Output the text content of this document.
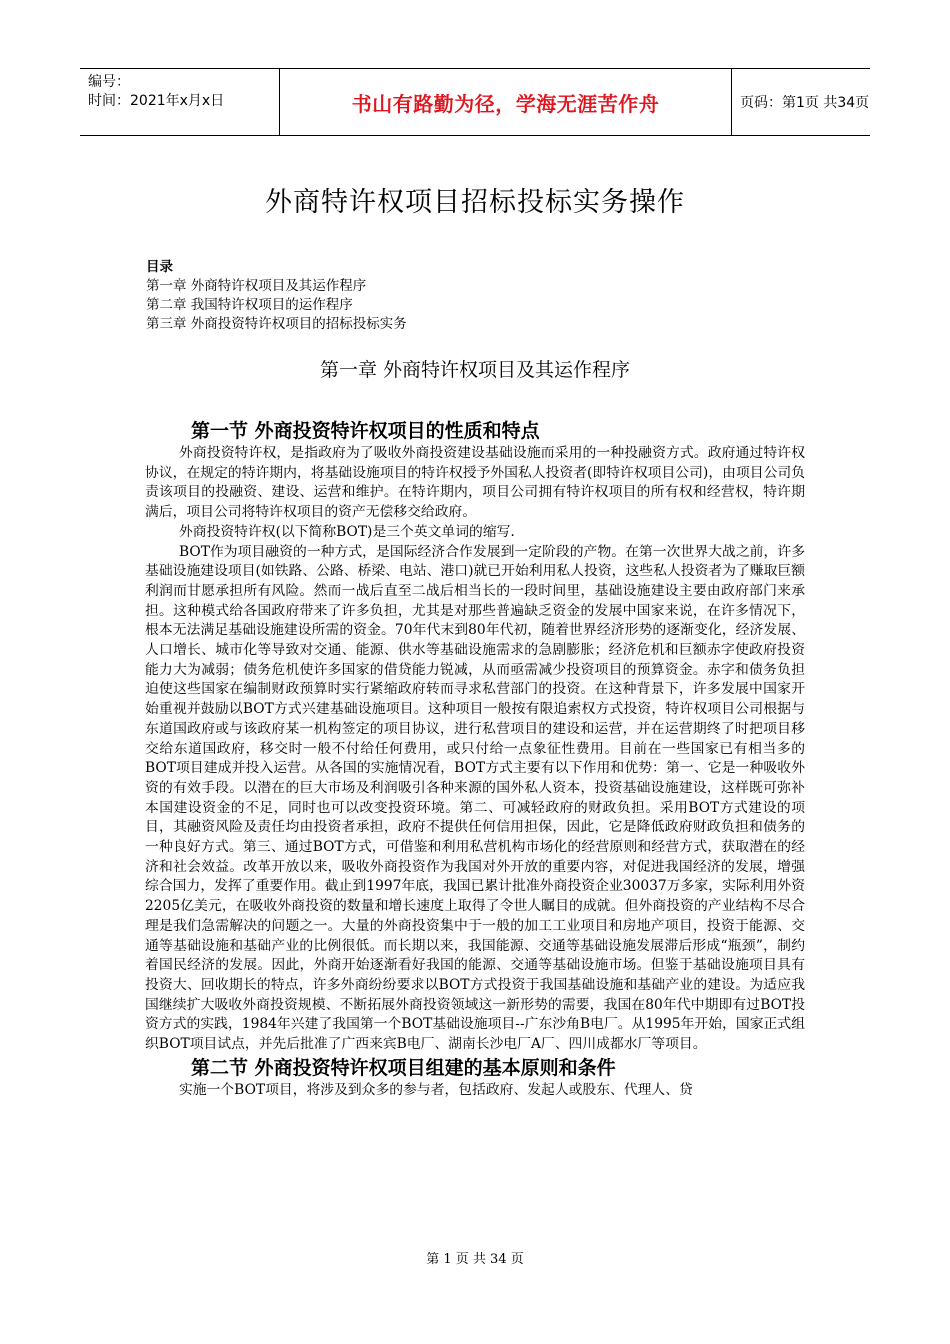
编号：
时间：2021年x月x日	书山有路勤为径，学海无涯苦作舟	页码：第1页 共34页
外商特许权项目招标投标实务操作
目录
第一章 外商特许权项目及其运作程序
第二章 我国特许权项目的运作程序
第三章 外商投资特许权项目的招标投标实务
第一章 外商特许权项目及其运作程序
第一节 外商投资特许权项目的性质和特点

外商投资特许权，是指政府为了吸收外商投资建设基础设施而采用的一种投融资方式。政府通过特许权协议，在规定的特许期内，将基础设施项目的特许权授予外国私人投资者(即特许权项目公司)，由项目公司负责该项目的投融资、建设、运营和维护。在特许期内，项目公司拥有特许权项目的所有权和经营权，特许期满后，项目公司将特许权项目的资产无偿移交给政府。

外商投资特许权(以下简称BOT)是三个英文单词的缩写.

BOT作为项目融资的一种方式，是国际经济合作发展到一定阶段的产物。在第一次世界大战之前，许多基础设施建设项目(如铁路、公路、桥梁、电站、港口)就已开始利用私人投资，这些私人投资者为了赚取巨额利润而甘愿承担所有风险。然而一战后直至二战后相当长的一段时间里，基础设施建设主要由政府部门来承担。这种模式给各国政府带来了许多负担，尤其是对那些普遍缺乏资金的发展中国家来说，在许多情况下，根本无法满足基础设施建设所需的资金。70年代末到80年代初，随着世界经济形势的逐渐变化，经济发展、人口增长、城市化等导致对交通、能源、供水等基础设施需求的急剧膨胀；经济危机和巨额赤字使政府投资能力大为减弱；债务危机使许多国家的借贷能力锐减，从而亟需减少投资项目的预算资金。赤字和债务负担迫使这些国家在编制财政预算时实行紧缩政府转而寻求私营部门的投资。在这种背景下，许多发展中国家开始重视并鼓励以BOT方式兴建基础设施项目。这种项目一般按有限追索权方式投资，特许权项目公司根据与东道国政府或与该政府某一机构签定的项目协议，进行私营项目的建设和运营，并在运营期终了时把项目移交给东道国政府，移交时一般不付给任何费用，或只付给一点象征性费用。目前在一些国家已有相当多的BOT项目建成并投入运营。从各国的实施情况看，BOT方式主要有以下作用和优势：第一、它是一种吸收外资的有效手段。以潜在的巨大市场及利润吸引各种来源的国外私人资本，投资基础设施建设，这样既可弥补本国建设资金的不足，同时也可以改变投资环境。第二、可减轻政府的财政负担。采用BOT方式建设的项目，其融资风险及责任均由投资者承担，政府不提供任何信用担保，因此，它是降低政府财政负担和债务的一种良好方式。第三、通过BOT方式，可借鉴和利用私营机构市场化的经营原则和经营方式，获取潜在的经济和社会效益。改革开放以来，吸收外商投资作为我国对外开放的重要内容，对促进我国经济的发展，增强综合国力，发挥了重要作用。截止到1997年底，我国已累计批准外商投资企业30037万多家，实际利用外资2205亿美元，在吸收外商投资的数量和增长速度上取得了令世人瞩目的成就。但外商投资的产业结构不尽合理是我们急需解决的问题之一。大量的外商投资集中于一般的加工工业项目和房地产项目，投资于能源、交通等基础设施和基础产业的比例很低。而长期以来，我国能源、交通等基础设施发展滞后形成“瓶颈”，制约着国民经济的发展。因此，外商开始逐渐看好我国的能源、交通等基础设施市场。但鉴于基础设施项目具有投资大、回收期长的特点，许多外商纷纷要求以BOT方式投资于我国基础设施和基础产业的建设。为适应我国继续扩大吸收外商投资规模、不断拓展外商投资领域这一新形势的需要，我国在80年代中期即有过BOT投资方式的实践，1984年兴建了我国第一个BOT基础设施项目--广东沙角B电厂。从1995年开始，国家正式组织BOT项目试点，并先后批准了广西来宾B电厂、湖南长沙电厂A厂、四川成都水厂等项目。

第二节 外商投资特许权项目组建的基本原则和条件

实施一个BOT项目，将涉及到众多的参与者，包括政府、发起人或股东、代理人、贷

第 1 页 共 34 页
